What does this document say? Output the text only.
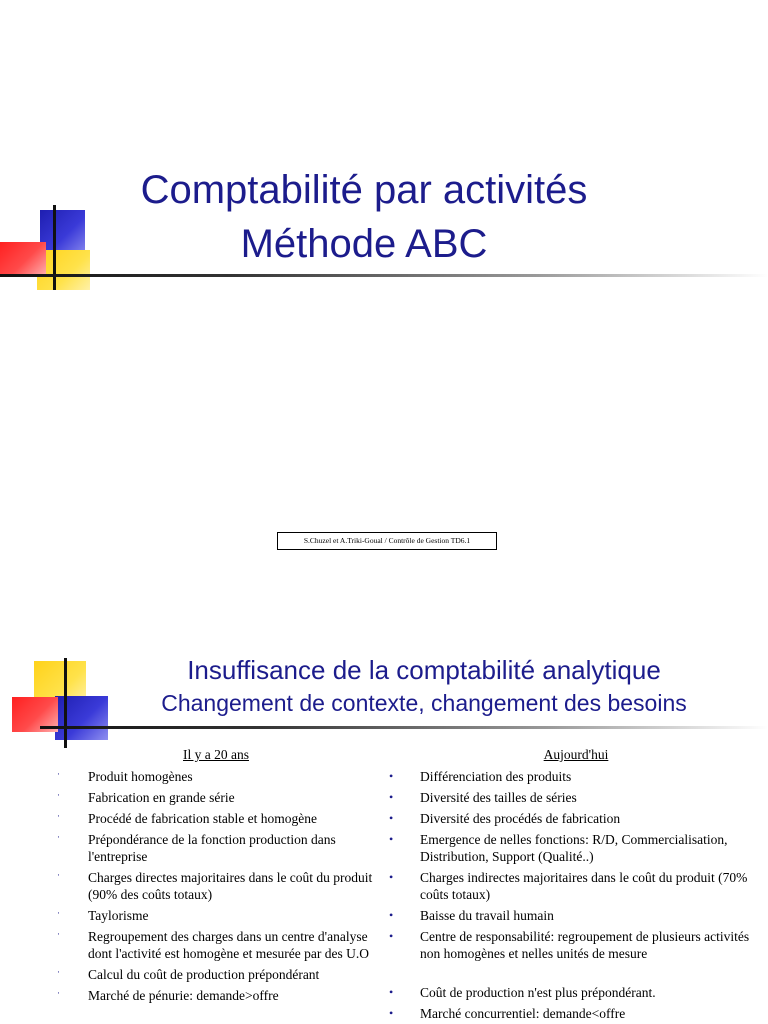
Comptabilité par activités
Méthode ABC
S.Chuzel et A.Triki-Goual / Contrôle de Gestion TD6.1
Insuffisance de la comptabilité analytique
Changement de contexte, changement des besoins
Il y a 20 ans
· Produit homogènes
· Fabrication en grande série
· Procédé de fabrication stable et homogène
· Prépondérance de la fonction production dans l'entreprise
· Charges directes majoritaires dans le coût du produit (90% des coûts totaux)
· Taylorisme
· Regroupement des charges dans un centre d'analyse dont l'activité est homogène et mesurée par des U.O
· Calcul du coût de production prépondérant
· Marché de pénurie: demande>offre
Aujourd'hui
• Différenciation des produits
• Diversité des tailles de séries
• Diversité des procédés de fabrication
• Emergence de nelles fonctions: R/D, Commercialisation, Distribution, Support (Qualité..)
• Charges indirectes majoritaires dans le coût du produit (70% coûts totaux)
• Baisse du travail humain
• Centre de responsabilité: regroupement de plusieurs activités non homogènes et nelles unités de mesure
• Coût de production n'est plus prépondérant.
• Marché concurrentiel: demande<offre
